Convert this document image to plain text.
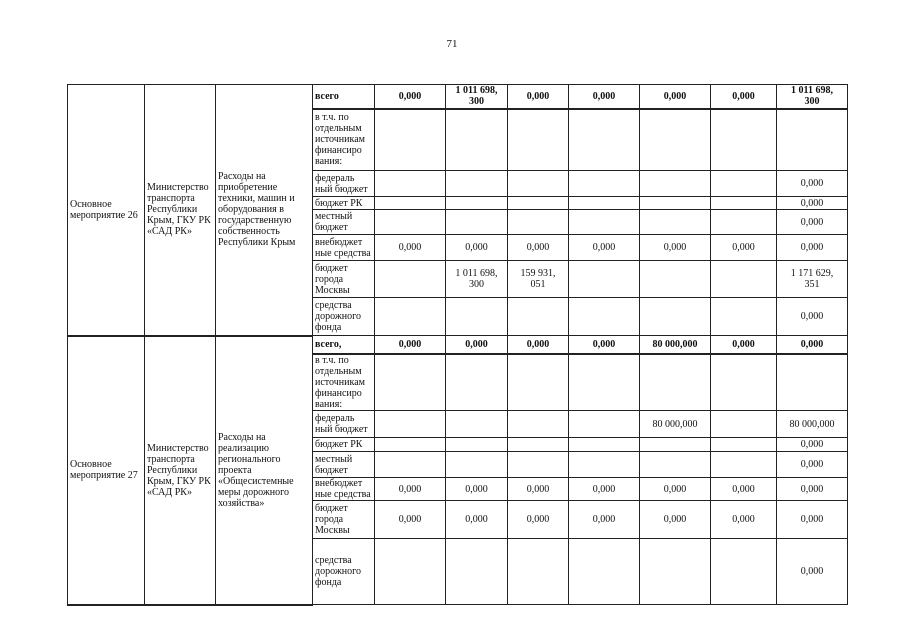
71
Основное мероприятие 26	Министерство транспорта Республики Крым, ГКУ РК «САД РК»	Расходы на приобретение техники, машин и оборудования в государственную собственность Республики Крым	всего	0,000	1 011 698,
300	0,000	0,000	0,000	0,000	1 011 698,
300
			в т.ч. по отдельным источникам финансиро вания:							
			федераль ный бюджет							0,000
			бюджет РК							0,000
			местный бюджет							0,000
			внебюджет ные средства	0,000	0,000	0,000	0,000	0,000	0,000	0,000
			бюджет города Москвы		1 011 698,
300	159 931,
051				1 171 629,
351
			средства дорожного фонда							0,000
Основное мероприятие 27	Министерство транспорта Республики Крым, ГКУ РК «САД РК»	Расходы на реализацию регионального проекта «Общесистемные меры дорожного хозяйства»	всего,	0,000	0,000	0,000	0,000	80 000,000	0,000	0,000
			в т.ч. по отдельным источникам финансиро вания:							
			федераль ный бюджет					80 000,000		80 000,000
			бюджет РК							0,000
			местный бюджет							0,000
			внебюджет ные средства	0,000	0,000	0,000	0,000	0,000	0,000	0,000
			бюджет города Москвы	0,000	0,000	0,000	0,000	0,000	0,000	0,000
			средства дорожного фонда							0,000
